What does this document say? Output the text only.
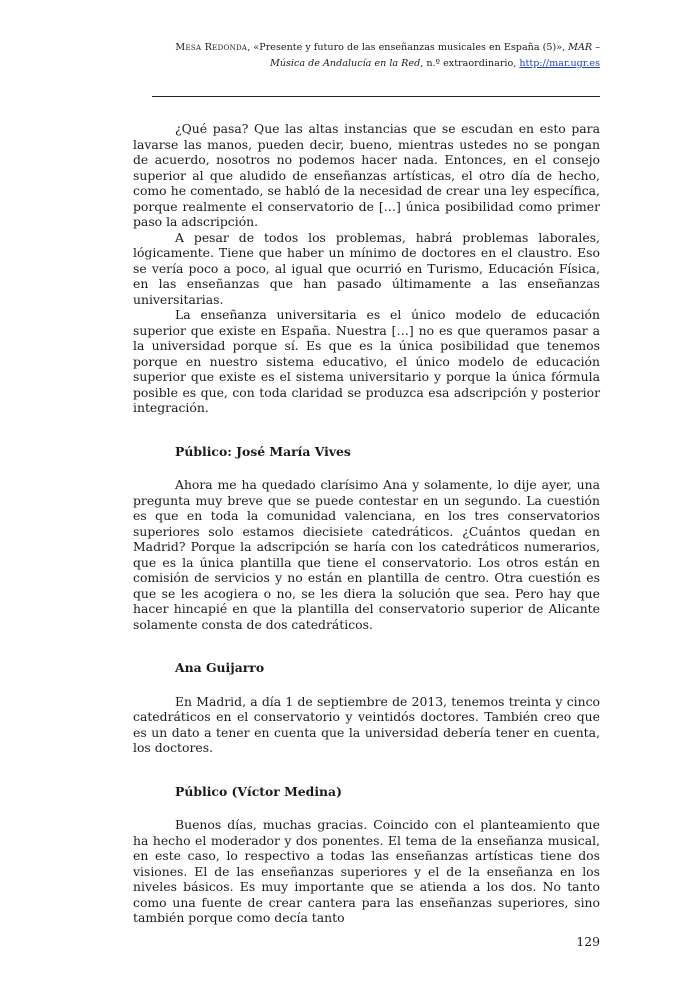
Mesa Redonda, «Presente y futuro de las enseñanzas musicales en España (5)», MAR – Música de Andalucía en la Red, n.º extraordinario, http://mar.ugr.es

¿Qué pasa? Que las altas instancias que se escudan en esto para lavarse las manos, pueden decir, bueno, mientras ustedes no se pongan de acuerdo, nosotros no podemos hacer nada. Entonces, en el consejo superior al que aludido de enseñanzas artísticas, el otro día de hecho, como he comentado, se habló de la necesidad de crear una ley específica, porque realmente el conservatorio de […] única posibilidad como primer paso la adscripción.

A pesar de todos los problemas, habrá problemas laborales, lógicamente. Tiene que haber un mínimo de doctores en el claustro. Eso se vería poco a poco, al igual que ocurrió en Turismo, Educación Física, en las enseñanzas que han pasado últimamente a las enseñanzas universitarias.

La enseñanza universitaria es el único modelo de educación superior que existe en España. Nuestra […] no es que queramos pasar a la universidad porque sí. Es que es la única posibilidad que tenemos porque en nuestro sistema educativo, el único modelo de educación superior que existe es el sistema universitario y porque la única fórmula posible es que, con toda claridad se produzca esa adscripción y posterior integración.

Público: José María Vives

Ahora me ha quedado clarísimo Ana y solamente, lo dije ayer, una pregunta muy breve que se puede contestar en un segundo. La cuestión es que en toda la comunidad valenciana, en los tres conservatorios superiores solo estamos diecisiete catedráticos. ¿Cuántos quedan en Madrid? Porque la adscripción se haría con los catedráticos numerarios, que es la única plantilla que tiene el conservatorio. Los otros están en comisión de servicios y no están en plantilla de centro. Otra cuestión es que se les acogiera o no, se les diera la solución que sea. Pero hay que hacer hincapié en que la plantilla del conservatorio superior de Alicante solamente consta de dos catedráticos.

Ana Guijarro

En Madrid, a día 1 de septiembre de 2013, tenemos treinta y cinco catedráticos en el conservatorio y veintidós doctores. También creo que es un dato a tener en cuenta que la universidad debería tener en cuenta, los doctores.

Público (Víctor Medina)

Buenos días, muchas gracias. Coincido con el planteamiento que ha hecho el moderador y dos ponentes. El tema de la enseñanza musical, en este caso, lo respectivo a todas las enseñanzas artísticas tiene dos visiones. El de las enseñanzas superiores y el de la enseñanza en los niveles básicos. Es muy importante que se atienda a los dos. No tanto como una fuente de crear cantera para las enseñanzas superiores, sino también porque como decía tanto

129
